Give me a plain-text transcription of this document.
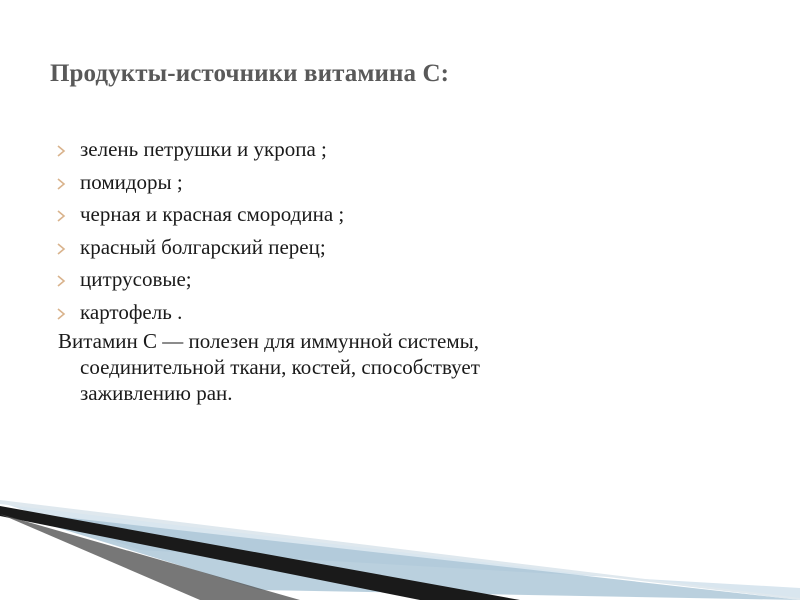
Продукты-источники витамина С:
зелень петрушки и укропа ;
помидоры ;
черная и красная смородина ;
красный болгарский перец;
цитрусовые;
картофель .
Витамин С — полезен для иммунной системы,
соединительной ткани, костей, способствует
заживлению ран.
